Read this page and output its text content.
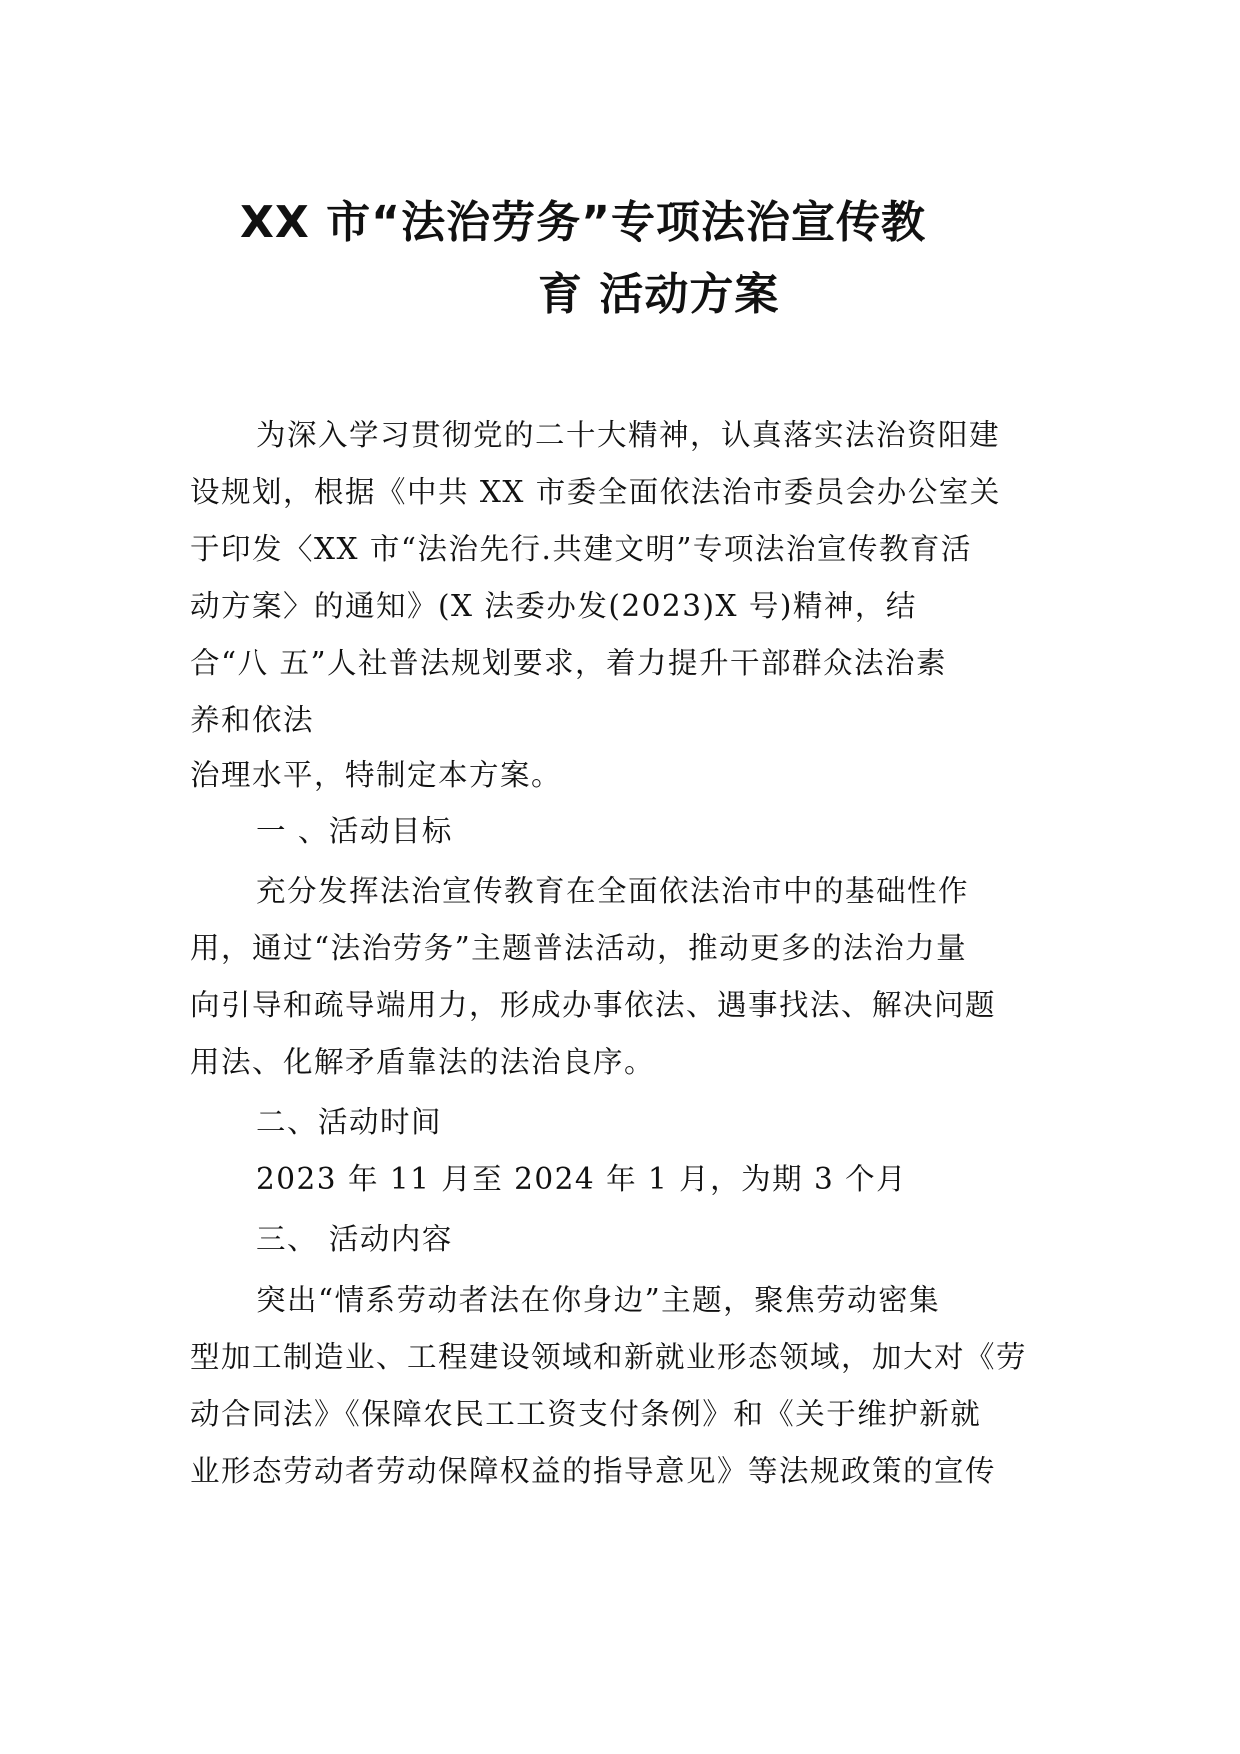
XX 市“法治劳务”专项法治宣传教
育 活动方案
为深入学习贯彻党的二十大精神，认真落实法治资阳建
设规划，根据《中共 XX 市委全面依法治市委员会办公室关
于印发〈XX 市“法治先行.共建文明”专项法治宣传教育活
动方案〉的通知》(X 法委办发(2023)X 号)精神，结
合“八 五”人社普法规划要求，着力提升干部群众法治素
养和依法
治理水平，特制定本方案。
一 、活动目标
充分发挥法治宣传教育在全面依法治市中的基础性作
用，通过“法治劳务”主题普法活动，推动更多的法治力量
向引导和疏导端用力，形成办事依法、遇事找法、解决问题
用法、化解矛盾靠法的法治良序。
二、活动时间
2023 年 11 月至 2024 年 1 月，为期 3 个月
三、 活动内容
突出“情系劳动者法在你身边”主题，聚焦劳动密集
型加工制造业、工程建设领域和新就业形态领域，加大对《劳
动合同法》《保障农民工工资支付条例》和《关于维护新就
业形态劳动者劳动保障权益的指导意见》等法规政策的宣传
